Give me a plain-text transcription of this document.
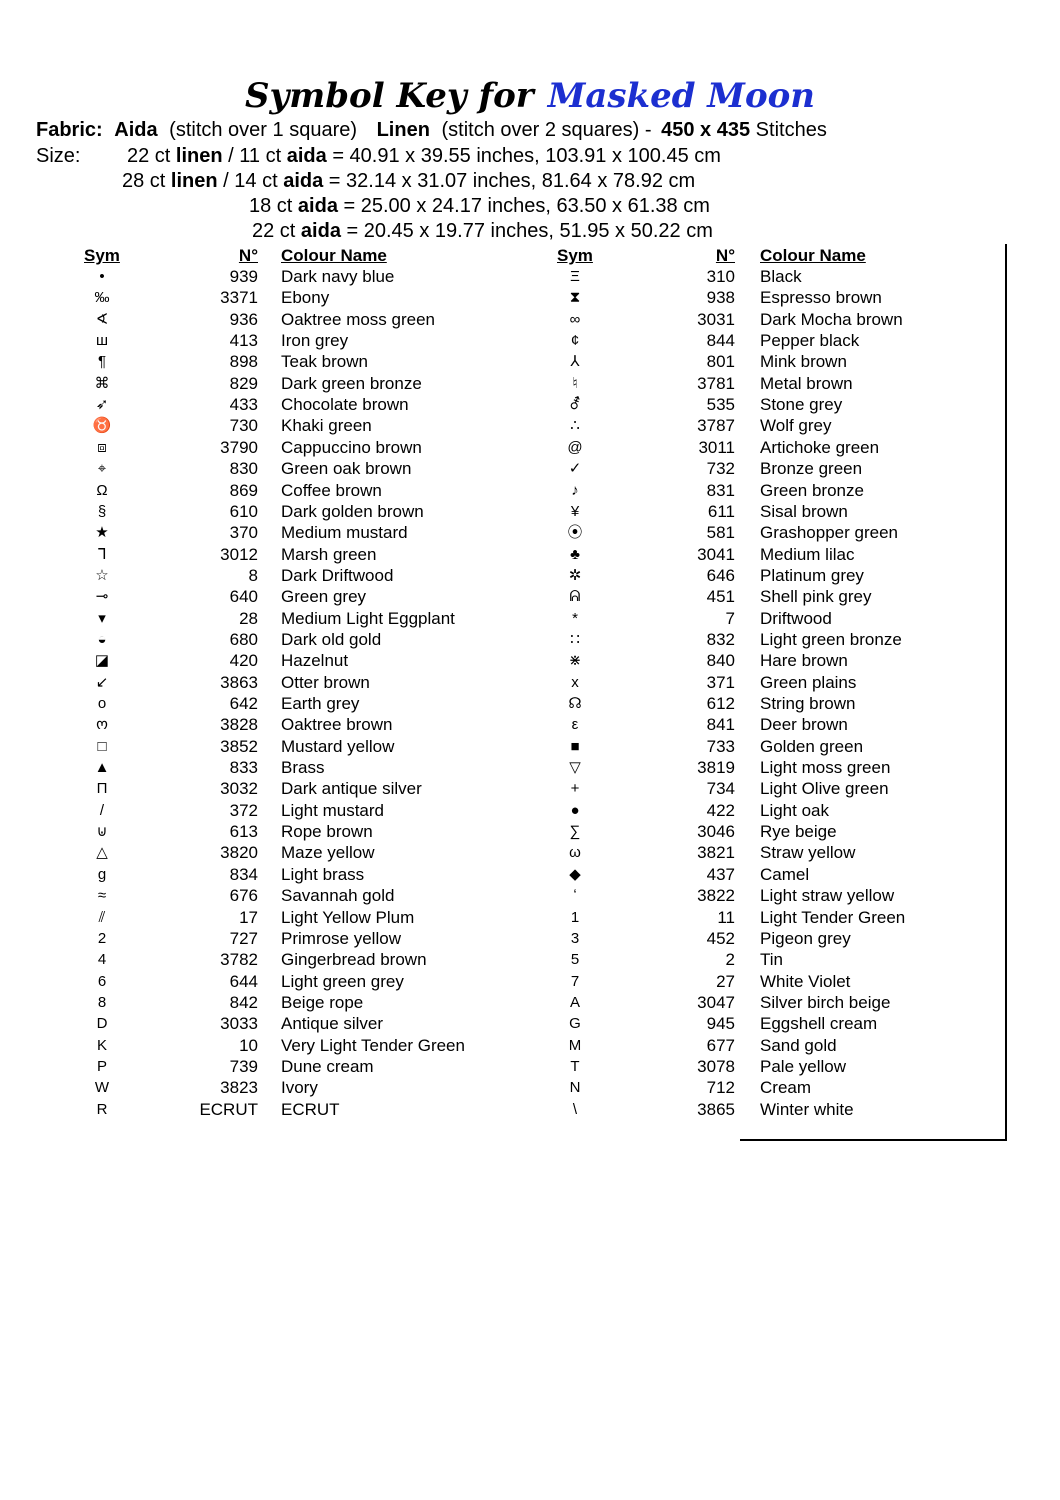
Symbol Key for Masked Moon
Fabric: Aida (stitch over 1 square) Linen (stitch over 2 squares) - 450 x 435 Stitches
Size: 22 ct linen / 11 ct aida = 40.91 x 39.55 inches, 103.91 x 100.45 cm
28 ct linen / 14 ct aida = 32.14 x 31.07 inches, 81.64 x 78.92 cm
18 ct aida = 25.00 x 24.17 inches, 63.50 x 61.38 cm
22 ct aida = 20.45 x 19.77 inches, 51.95 x 50.22 cm
Sym	N° Colour Name	Sym	N° Colour Name
•	939 Dark navy blue	Ξ	310 Black
‰	3371 Ebony	⧗	938 Espresso brown
∢	936 Oaktree moss green	∞	3031 Dark Mocha brown
ш	413 Iron grey	¢	844 Pepper black
¶	898 Teak brown	⅄	801 Mink brown
⌘	829 Dark green bronze	♮	3781 Metal brown
➶	433 Chocolate brown	⚦	535 Stone grey
♉	730 Khaki green	∴	3787 Wolf grey
⧈	3790 Cappuccino brown	@	3011 Artichoke green
⌖	830 Green oak brown	✓	732 Bronze green
Ω	869 Coffee brown	♪	831 Green bronze
§	610 Dark golden brown	¥	611 Sisal brown
★	370 Medium mustard	⦿	581 Grashopper green
ᒣ	3012 Marsh green	♣	3041 Medium lilac
☆	8 Dark Driftwood	✲	646 Platinum grey
⊸	640 Green grey	ᕱ	451 Shell pink grey
▾	28 Medium Light Eggplant	*	7 Driftwood
◒	680 Dark old gold	∷	832 Light green bronze
◪	420 Hazelnut	⋇	840 Hare brown
↙	3863 Otter brown	x	371 Green plains
o	642 Earth grey	☊	612 String brown
ო	3828 Oaktree brown	ε	841 Deer brown
□	3852 Mustard yellow	■	733 Golden green
▲	833 Brass	▽	3819 Light moss green
Π	3032 Dark antique silver	+	734 Light Olive green
/	372 Light mustard	●	422 Light oak
⊍	613 Rope brown	∑	3046 Rye beige
△	3820 Maze yellow	ω	3821 Straw yellow
g	834 Light brass	◆	437 Camel
≈	676 Savannah gold	ʻ	3822 Light straw yellow
⫽	17 Light Yellow Plum	1	11 Light Tender Green
2	727 Primrose yellow	3	452 Pigeon grey
4	3782 Gingerbread brown	5	2 Tin
6	644 Light green grey	7	27 White Violet
8	842 Beige rope	A	3047 Silver birch beige
D	3033 Antique silver	G	945 Eggshell cream
K	10 Very Light Tender Green	M	677 Sand gold
P	739 Dune cream	T	3078 Pale yellow
W	3823 Ivory	N	712 Cream
R	ECRUT ECRUT	\	3865 Winter white
